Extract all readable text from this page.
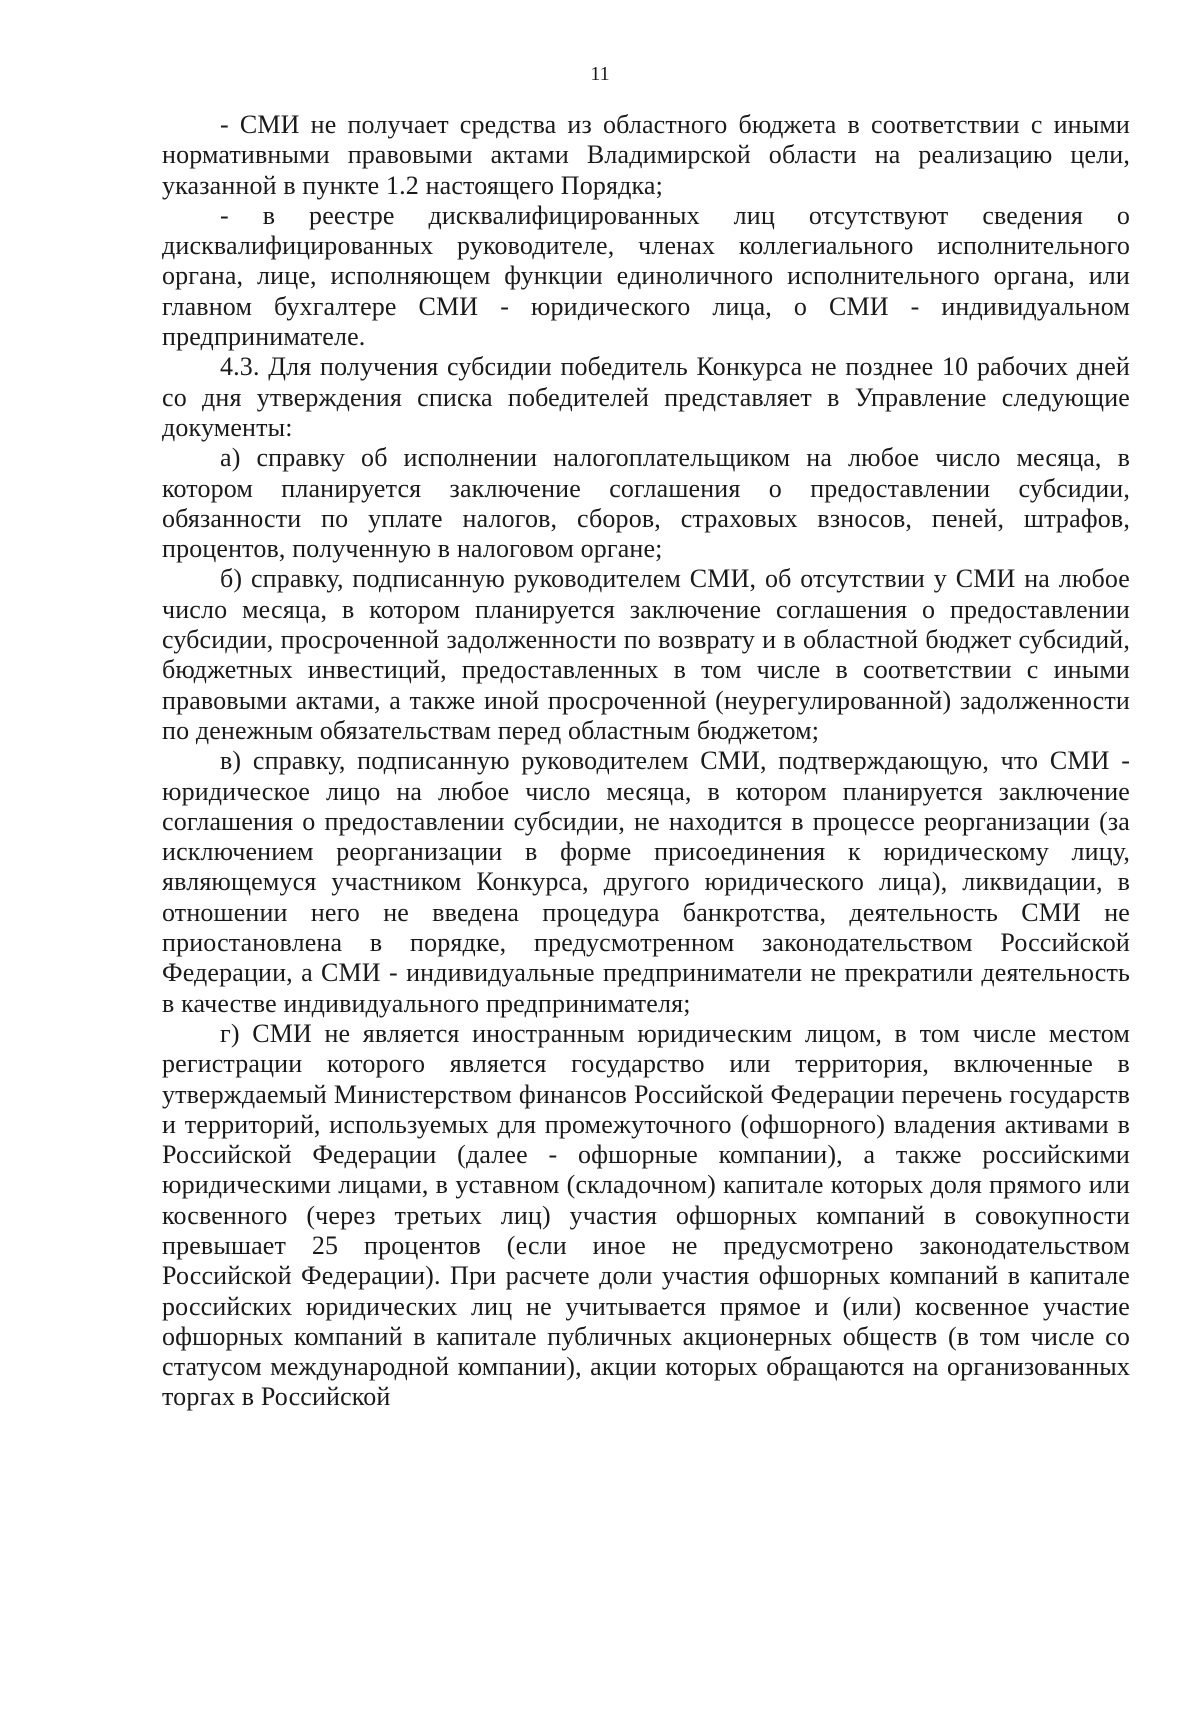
11

- СМИ не получает средства из областного бюджета в соответствии с иными нормативными правовыми актами Владимирской области на реализацию цели, указанной в пункте 1.2 настоящего Порядка;

- в реестре дисквалифицированных лиц отсутствуют сведения о дисквалифицированных руководителе, членах коллегиального исполнительного органа, лице, исполняющем функции единоличного исполнительного органа, или главном бухгалтере СМИ - юридического лица, о СМИ - индивидуальном предпринимателе.

4.3. Для получения субсидии победитель Конкурса не позднее 10 рабочих дней со дня утверждения списка победителей представляет в Управление следующие документы:

а) справку об исполнении налогоплательщиком на любое число месяца, в котором планируется заключение соглашения о предоставлении субсидии, обязанности по уплате налогов, сборов, страховых взносов, пеней, штрафов, процентов, полученную в налоговом органе;

б) справку, подписанную руководителем СМИ, об отсутствии у СМИ на любое число месяца, в котором планируется заключение соглашения о предоставлении субсидии, просроченной задолженности по возврату и в областной бюджет субсидий, бюджетных инвестиций, предоставленных в том числе в соответствии с иными правовыми актами, а также иной просроченной (неурегулированной) задолженности по денежным обязательствам перед областным бюджетом;

в) справку, подписанную руководителем СМИ, подтверждающую, что СМИ - юридическое лицо на любое число месяца, в котором планируется заключение соглашения о предоставлении субсидии, не находится в процессе реорганизации (за исключением реорганизации в форме присоединения к юридическому лицу, являющемуся участником Конкурса, другого юридического лица), ликвидации, в отношении него не введена процедура банкротства, деятельность СМИ не приостановлена в порядке, предусмотренном законодательством Российской Федерации, а СМИ - индивидуальные предприниматели не прекратили деятельность в качестве индивидуального предпринимателя;

г) СМИ не является иностранным юридическим лицом, в том числе местом регистрации которого является государство или территория, включенные в утверждаемый Министерством финансов Российской Федерации перечень государств и территорий, используемых для промежуточного (офшорного) владения активами в Российской Федерации (далее - офшорные компании), а также российскими юридическими лицами, в уставном (складочном) капитале которых доля прямого или косвенного (через третьих лиц) участия офшорных компаний в совокупности превышает 25 процентов (если иное не предусмотрено законодательством Российской Федерации). При расчете доли участия офшорных компаний в капитале российских юридических лиц не учитывается прямое и (или) косвенное участие офшорных компаний в капитале публичных акционерных обществ (в том числе со статусом международной компании), акции которых обращаются на организованных торгах в Российской
